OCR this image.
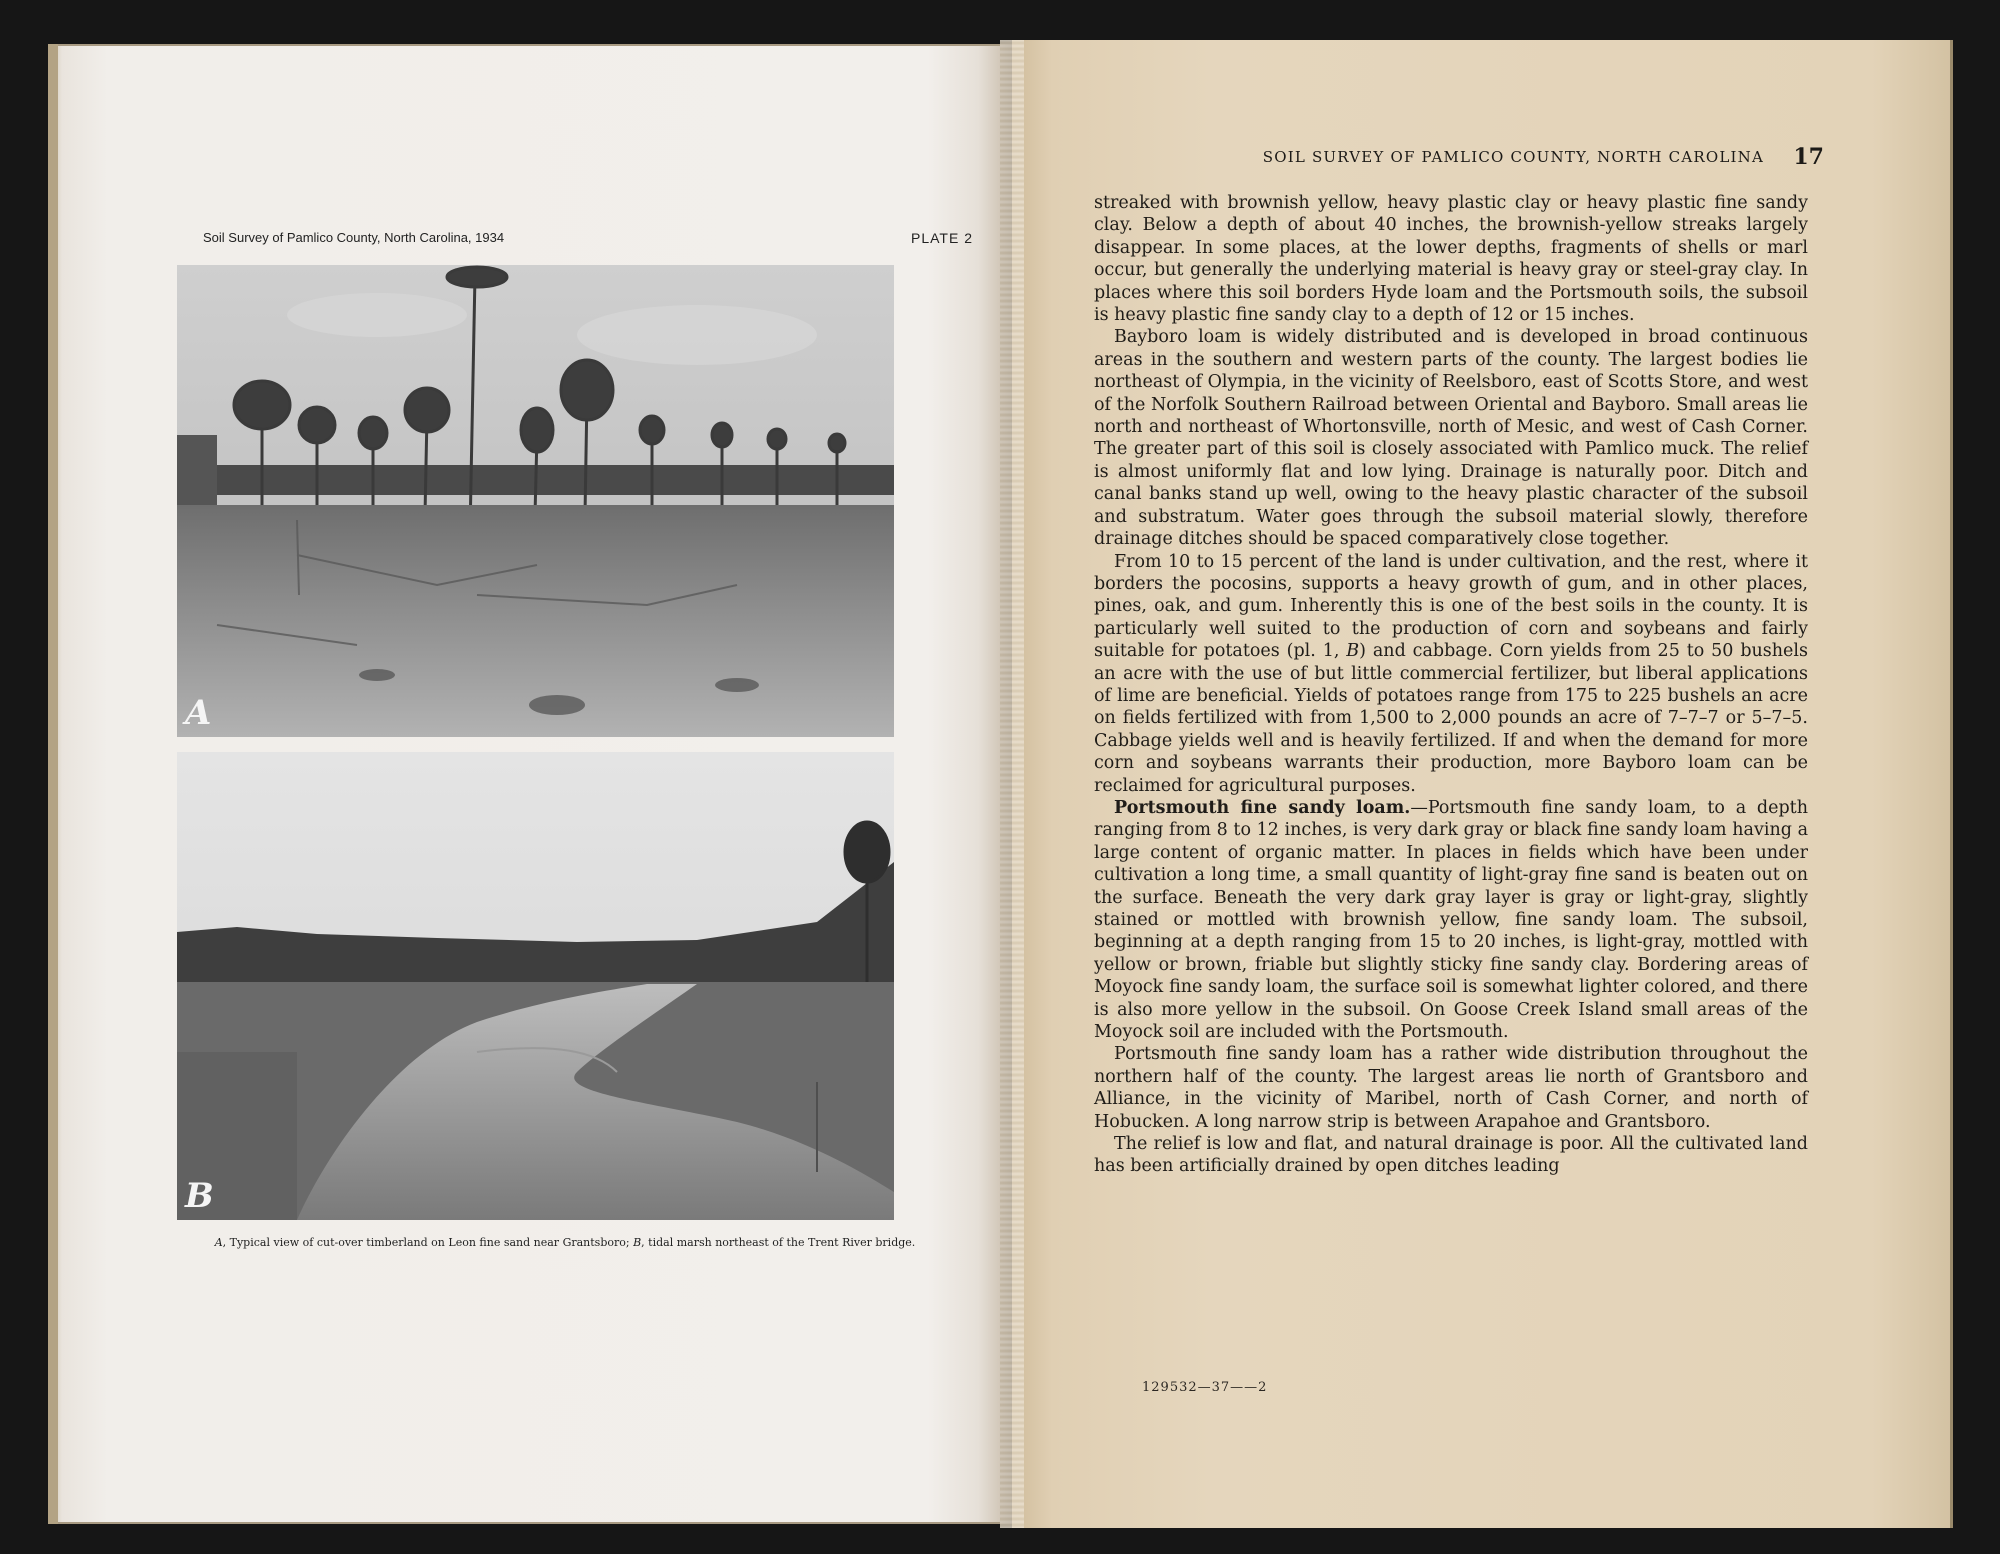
Soil Survey of Pamlico County, North Carolina, 1934	PLATE 2
A
B
A, Typical view of cut-over timberland on Leon fine sand near Grantsboro; B, tidal marsh northeast of the Trent River bridge.
SOIL SURVEY OF PAMLICO COUNTY, NORTH CAROLINA 17

streaked with brownish yellow, heavy plastic clay or heavy plastic fine sandy clay. Below a depth of about 40 inches, the brownish-yellow streaks largely disappear. In some places, at the lower depths, fragments of shells or marl occur, but generally the underlying material is heavy gray or steel-gray clay. In places where this soil borders Hyde loam and the Portsmouth soils, the subsoil is heavy plastic fine sandy clay to a depth of 12 or 15 inches.

Bayboro loam is widely distributed and is developed in broad continuous areas in the southern and western parts of the county. The largest bodies lie northeast of Olympia, in the vicinity of Reelsboro, east of Scotts Store, and west of the Norfolk Southern Railroad between Oriental and Bayboro. Small areas lie north and northeast of Whortonsville, north of Mesic, and west of Cash Corner. The greater part of this soil is closely associated with Pamlico muck. The relief is almost uniformly flat and low lying. Drainage is naturally poor. Ditch and canal banks stand up well, owing to the heavy plastic character of the subsoil and substratum. Water goes through the subsoil material slowly, therefore drainage ditches should be spaced comparatively close together.

From 10 to 15 percent of the land is under cultivation, and the rest, where it borders the pocosins, supports a heavy growth of gum, and in other places, pines, oak, and gum. Inherently this is one of the best soils in the county. It is particularly well suited to the production of corn and soybeans and fairly suitable for potatoes (pl. 1, B) and cabbage. Corn yields from 25 to 50 bushels an acre with the use of but little commercial fertilizer, but liberal applications of lime are beneficial. Yields of potatoes range from 175 to 225 bushels an acre on fields fertilized with from 1,500 to 2,000 pounds an acre of 7–7–7 or 5–7–5. Cabbage yields well and is heavily fertilized. If and when the demand for more corn and soybeans warrants their production, more Bayboro loam can be reclaimed for agricultural purposes.

Portsmouth fine sandy loam.—Portsmouth fine sandy loam, to a depth ranging from 8 to 12 inches, is very dark gray or black fine sandy loam having a large content of organic matter. In places in fields which have been under cultivation a long time, a small quantity of light-gray fine sand is beaten out on the surface. Beneath the very dark gray layer is gray or light-gray, slightly stained or mottled with brownish yellow, fine sandy loam. The subsoil, beginning at a depth ranging from 15 to 20 inches, is light-gray, mottled with yellow or brown, friable but slightly sticky fine sandy clay. Bordering areas of Moyock fine sandy loam, the surface soil is somewhat lighter colored, and there is also more yellow in the subsoil. On Goose Creek Island small areas of the Moyock soil are included with the Portsmouth.

Portsmouth fine sandy loam has a rather wide distribution throughout the northern half of the county. The largest areas lie north of Grantsboro and Alliance, in the vicinity of Maribel, north of Cash Corner, and north of Hobucken. A long narrow strip is between Arapahoe and Grantsboro.

The relief is low and flat, and natural drainage is poor. All the cultivated land has been artificially drained by open ditches leading

129532—37——2
